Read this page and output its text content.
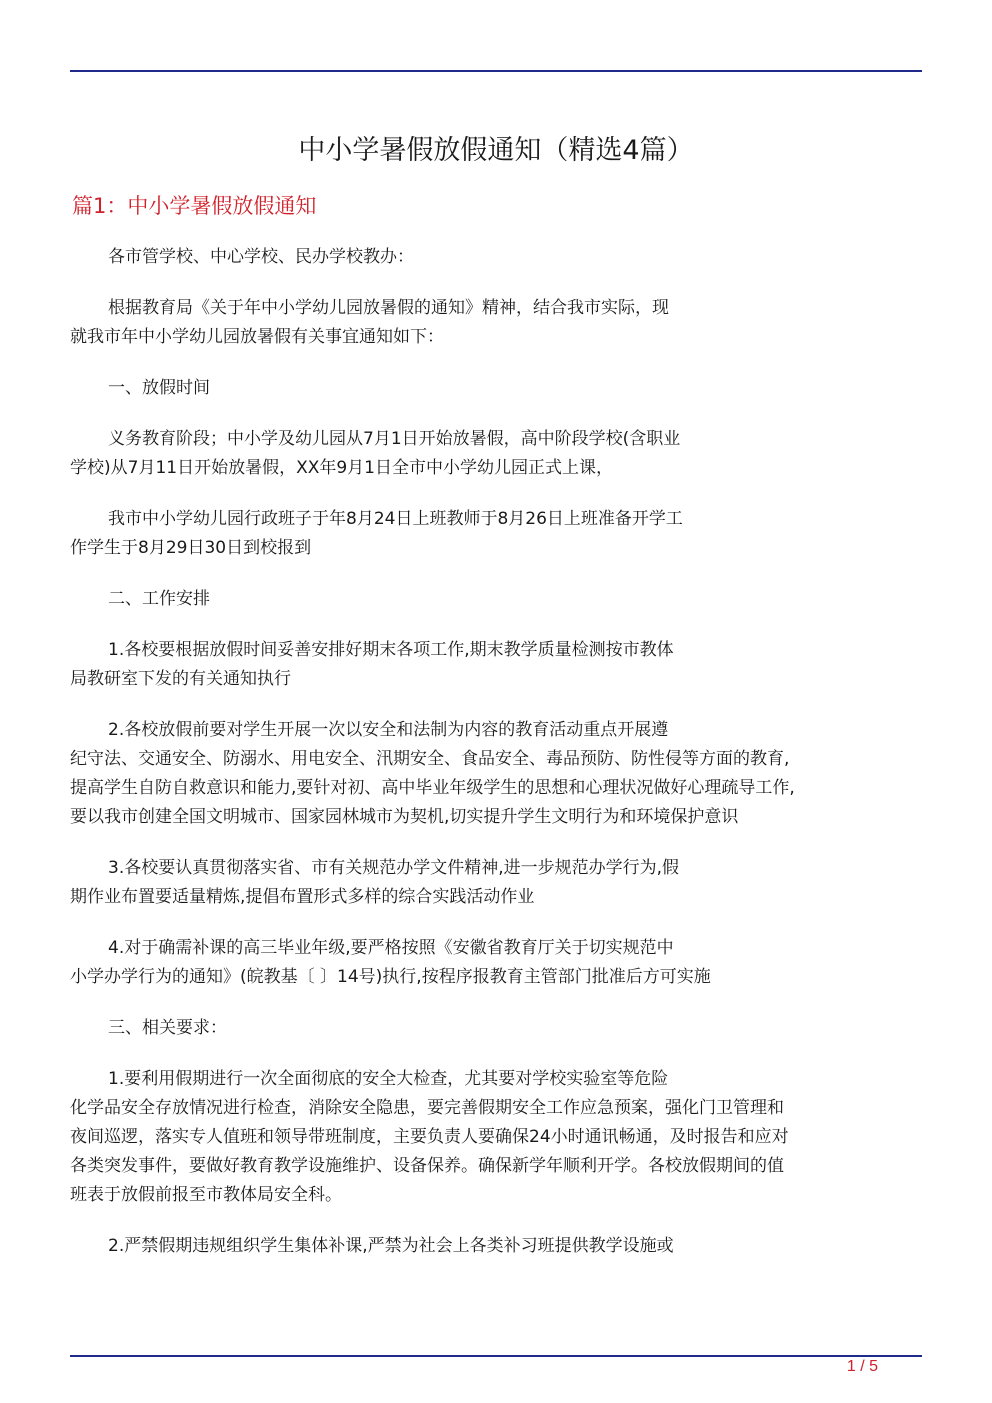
中小学暑假放假通知（精选4篇）
篇1：中小学暑假放假通知

各市管学校、中心学校、民办学校教办：

根据教育局《关于年中小学幼儿园放暑假的通知》精神，结合我市实际，现
就我市年中小学幼儿园放暑假有关事宜通知如下：

一、放假时间

义务教育阶段；中小学及幼儿园从7月1日开始放暑假，高中阶段学校(含职业
学校)从7月11日开始放暑假，XX年9月1日全市中小学幼儿园正式上课，

我市中小学幼儿园行政班子于年8月24日上班教师于8月26日上班准备开学工
作学生于8月29日30日到校报到

二、工作安排

1.各校要根据放假时间妥善安排好期末各项工作,期末教学质量检测按市教体
局教研室下发的有关通知执行

2.各校放假前要对学生开展一次以安全和法制为内容的教育活动重点开展遵
纪守法、交通安全、防溺水、用电安全、汛期安全、食品安全、毒品预防、防性侵等方面的教育,
提高学生自防自救意识和能力,要针对初、高中毕业年级学生的思想和心理状况做好心理疏导工作,
要以我市创建全国文明城市、国家园林城市为契机,切实提升学生文明行为和环境保护意识

3.各校要认真贯彻落实省、市有关规范办学文件精神,进一步规范办学行为,假
期作业布置要适量精炼,提倡布置形式多样的综合实践活动作业

4.对于确需补课的高三毕业年级,要严格按照《安徽省教育厅关于切实规范中
小学办学行为的通知》(皖教基〔 〕14号)执行,按程序报教育主管部门批准后方可实施

三、相关要求：

1.要利用假期进行一次全面彻底的安全大检查，尤其要对学校实验室等危险
化学品安全存放情况进行检查，消除安全隐患，要完善假期安全工作应急预案，强化门卫管理和
夜间巡逻，落实专人值班和领导带班制度，主要负责人要确保24小时通讯畅通，及时报告和应对
各类突发事件，要做好教育教学设施维护、设备保养。确保新学年顺利开学。各校放假期间的值
班表于放假前报至市教体局安全科。

2.严禁假期违规组织学生集体补课,严禁为社会上各类补习班提供教学设施或

1 / 5
